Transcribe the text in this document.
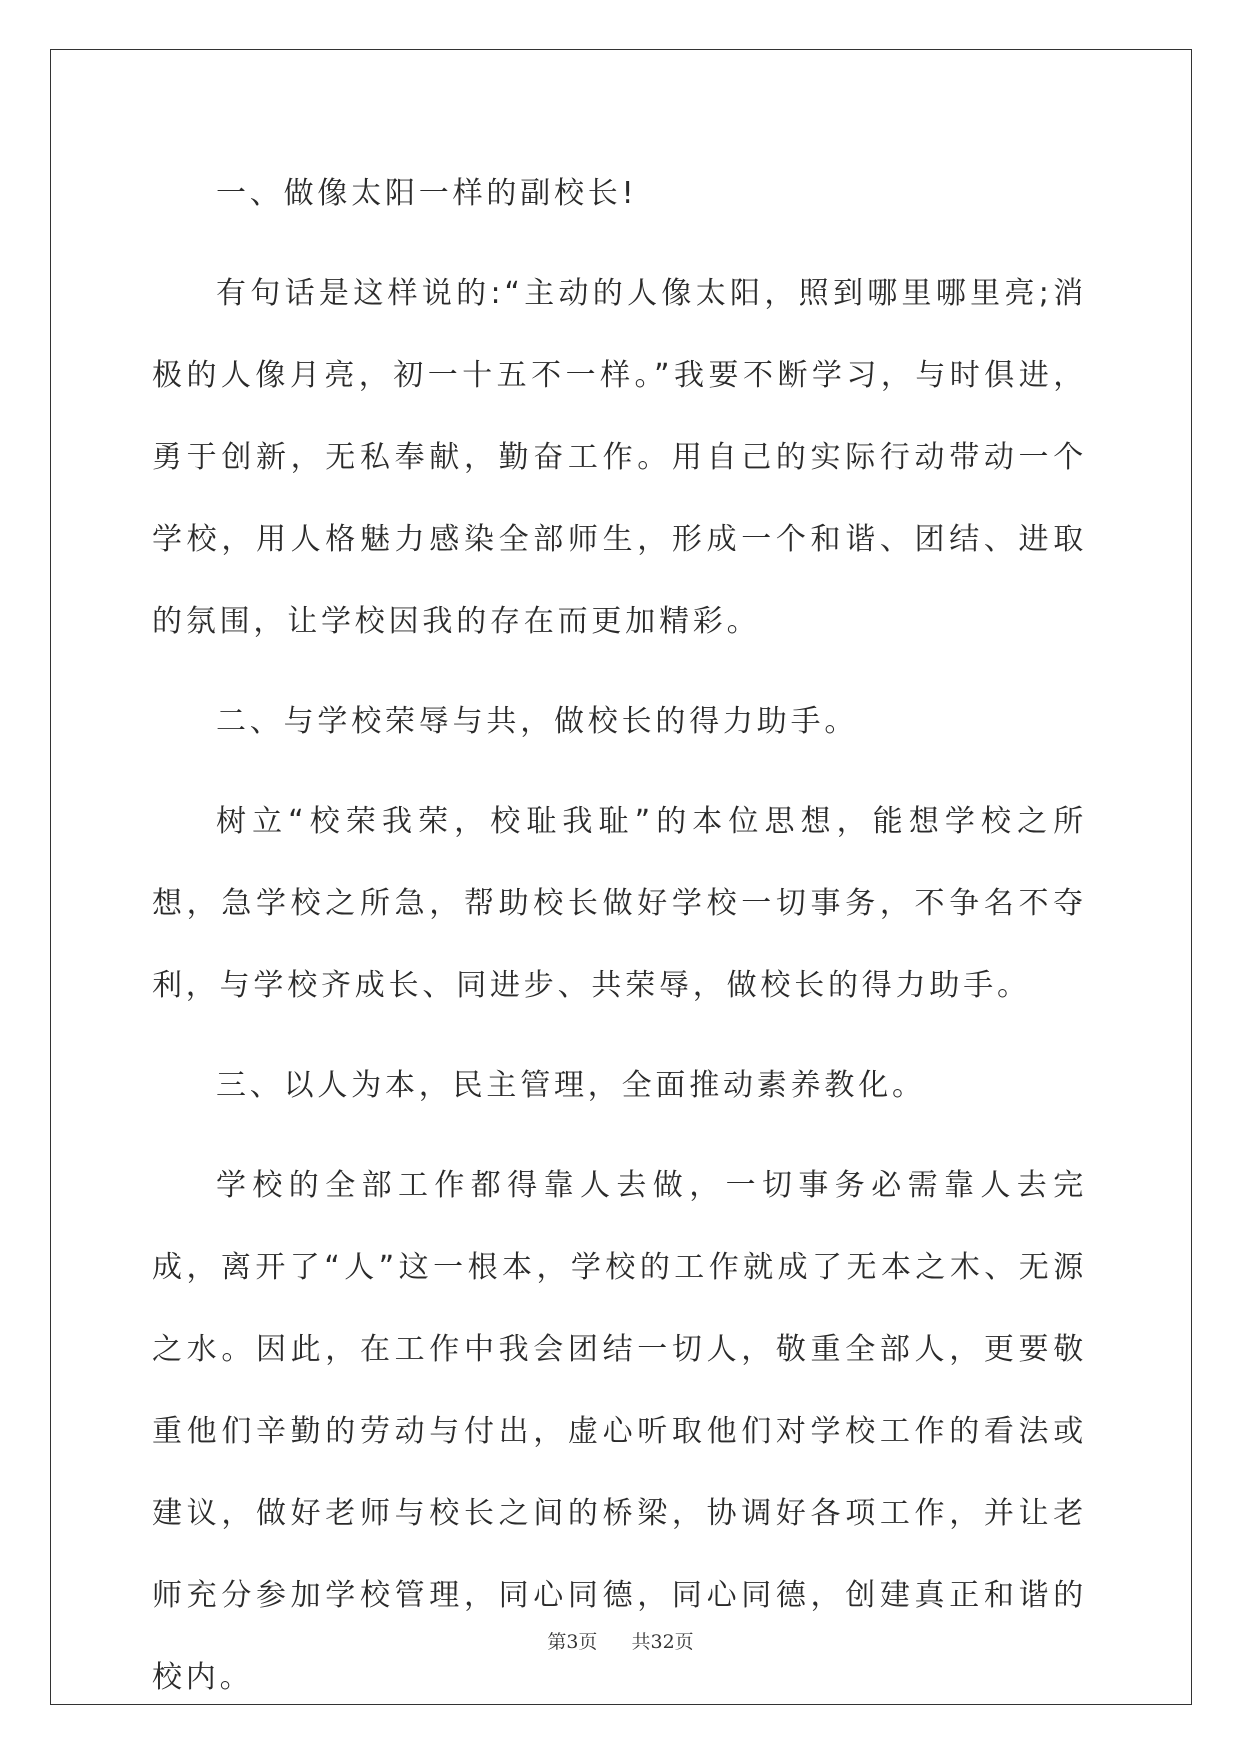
一、做像太阳一样的副校长!

有句话是这样说的:“主动的人像太阳，照到哪里哪里亮;消极的人像月亮，初一十五不一样。”我要不断学习，与时俱进，勇于创新，无私奉献，勤奋工作。用自己的实际行动带动一个学校，用人格魅力感染全部师生，形成一个和谐、团结、进取的氛围，让学校因我的存在而更加精彩。

二、与学校荣辱与共，做校长的得力助手。

树立“校荣我荣，校耻我耻”的本位思想，能想学校之所想，急学校之所急，帮助校长做好学校一切事务，不争名不夺利，与学校齐成长、同进步、共荣辱，做校长的得力助手。

三、以人为本，民主管理，全面推动素养教化。

学校的全部工作都得靠人去做，一切事务必需靠人去完成，离开了“人”这一根本，学校的工作就成了无本之木、无源之水。因此，在工作中我会团结一切人，敬重全部人，更要敬重他们辛勤的劳动与付出，虚心听取他们对学校工作的看法或建议，做好老师与校长之间的桥梁，协调好各项工作，并让老师充分参加学校管理，同心同德，同心同德，创建真正和谐的校内。

第3页 共32页
